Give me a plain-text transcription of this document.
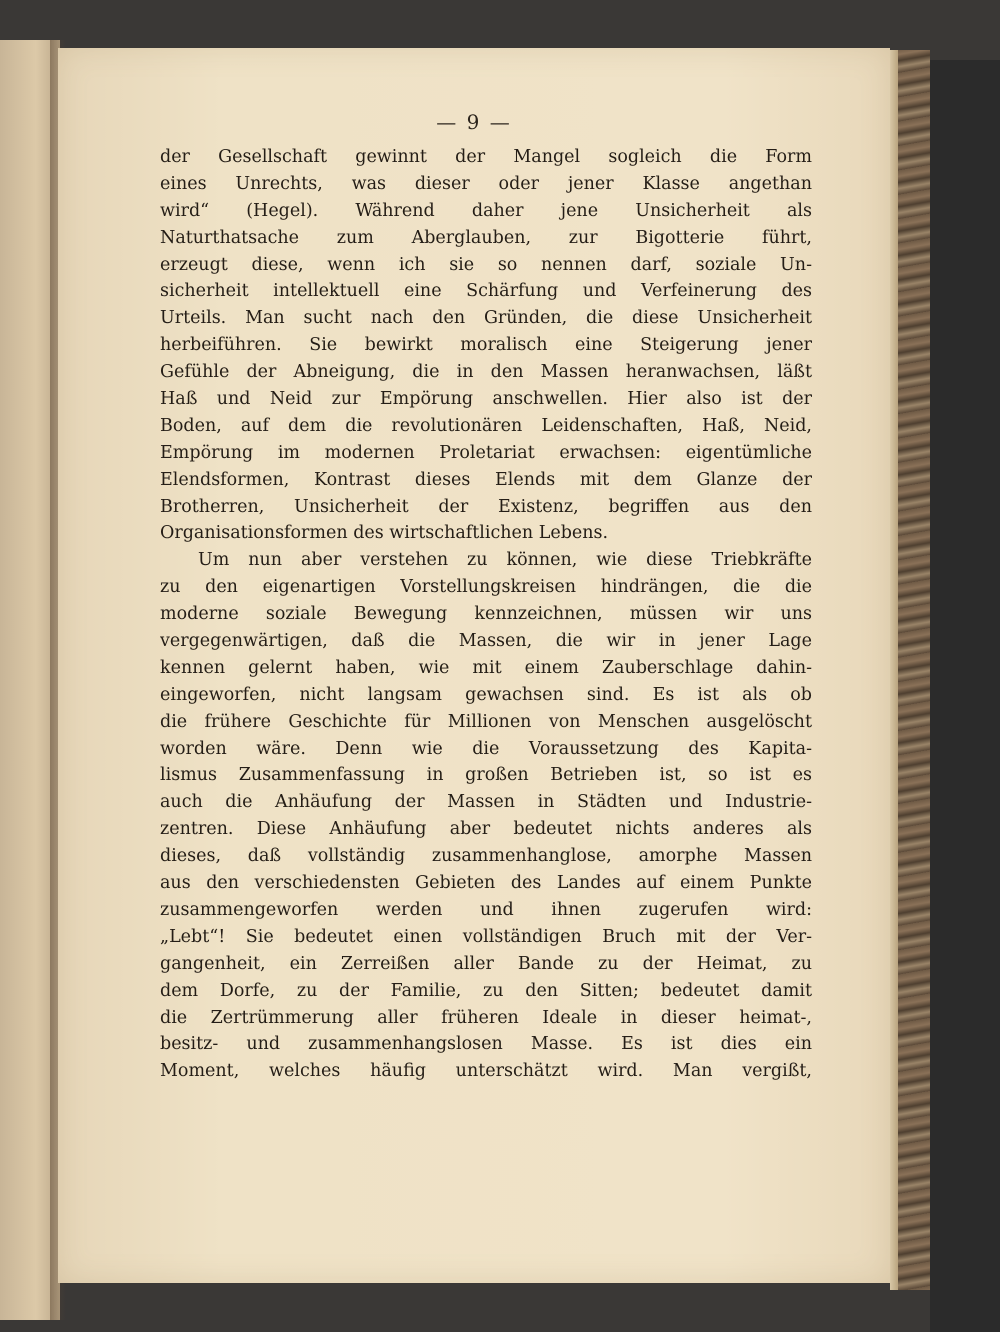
— 9 —
der Gesellschaft gewinnt der Mangel sogleich die Form
eines Unrechts, was dieser oder jener Klasse angethan
wird“ (Hegel). Während daher jene Unsicherheit als
Naturthatsache zum Aberglauben, zur Bigotterie führt,
erzeugt diese, wenn ich sie so nennen darf, soziale Un-
sicherheit intellektuell eine Schärfung und Verfeinerung des
Urteils. Man sucht nach den Gründen, die diese Unsicherheit
herbeiführen. Sie bewirkt moralisch eine Steigerung jener
Gefühle der Abneigung, die in den Massen heranwachsen, läßt
Haß und Neid zur Empörung anschwellen. Hier also ist der
Boden, auf dem die revolutionären Leidenschaften, Haß, Neid,
Empörung im modernen Proletariat erwachsen: eigentümliche
Elendsformen, Kontrast dieses Elends mit dem Glanze der
Brotherren, Unsicherheit der Existenz, begriffen aus den
Organisationsformen des wirtschaftlichen Lebens.
Um nun aber verstehen zu können, wie diese Triebkräfte
zu den eigenartigen Vorstellungskreisen hindrängen, die die
moderne soziale Bewegung kennzeichnen, müssen wir uns
vergegenwärtigen, daß die Massen, die wir in jener Lage
kennen gelernt haben, wie mit einem Zauberschlage dahin-
eingeworfen, nicht langsam gewachsen sind. Es ist als ob
die frühere Geschichte für Millionen von Menschen ausgelöscht
worden wäre. Denn wie die Voraussetzung des Kapita-
lismus Zusammenfassung in großen Betrieben ist, so ist es
auch die Anhäufung der Massen in Städten und Industrie-
zentren. Diese Anhäufung aber bedeutet nichts anderes als
dieses, daß vollständig zusammenhanglose, amorphe Massen
aus den verschiedensten Gebieten des Landes auf einem Punkte
zusammengeworfen werden und ihnen zugerufen wird:
„Lebt“! Sie bedeutet einen vollständigen Bruch mit der Ver-
gangenheit, ein Zerreißen aller Bande zu der Heimat, zu
dem Dorfe, zu der Familie, zu den Sitten; bedeutet damit
die Zertrümmerung aller früheren Ideale in dieser heimat-,
besitz- und zusammenhangslosen Masse. Es ist dies ein
Moment, welches häufig unterschätzt wird. Man vergißt,
